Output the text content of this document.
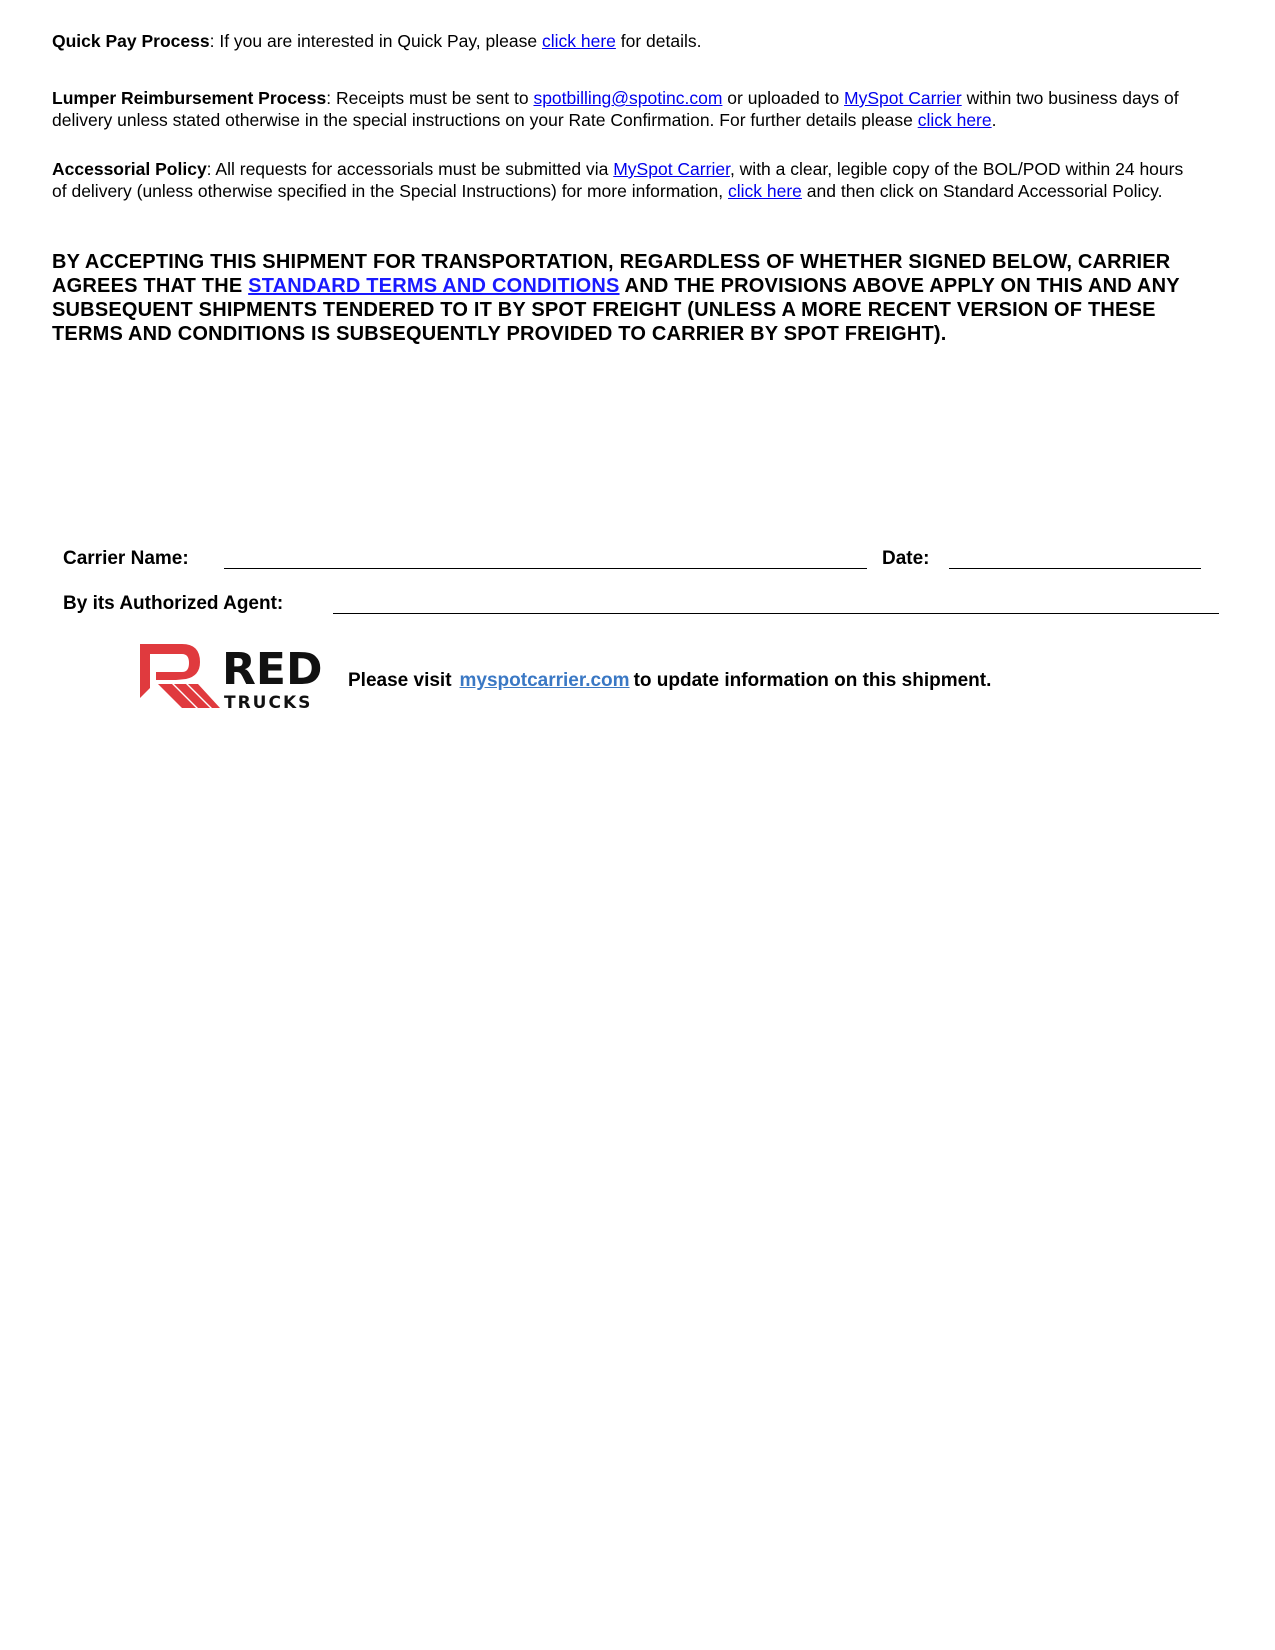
Quick Pay Process: If you are interested in Quick Pay, please click here for details.
Lumper Reimbursement Process: Receipts must be sent to spotbilling@spotinc.com or uploaded to MySpot Carrier within two business days of delivery unless stated otherwise in the special instructions on your Rate Confirmation. For further details please click here.
Accessorial Policy: All requests for accessorials must be submitted via MySpot Carrier, with a clear, legible copy of the BOL/POD within 24 hours of delivery (unless otherwise specified in the Special Instructions) for more information, click here and then click on Standard Accessorial Policy.
BY ACCEPTING THIS SHIPMENT FOR TRANSPORTATION, REGARDLESS OF WHETHER SIGNED BELOW, CARRIER AGREES THAT THE STANDARD TERMS AND CONDITIONS AND THE PROVISIONS ABOVE APPLY ON THIS AND ANY SUBSEQUENT SHIPMENTS TENDERED TO IT BY SPOT FREIGHT (UNLESS A MORE RECENT VERSION OF THESE TERMS AND CONDITIONS IS SUBSEQUENTLY PROVIDED TO CARRIER BY SPOT FREIGHT).
Carrier Name:	Date:
By its Authorized Agent:
RED
TRUCKS
Please visit myspotcarrier.com to update information on this shipment.
